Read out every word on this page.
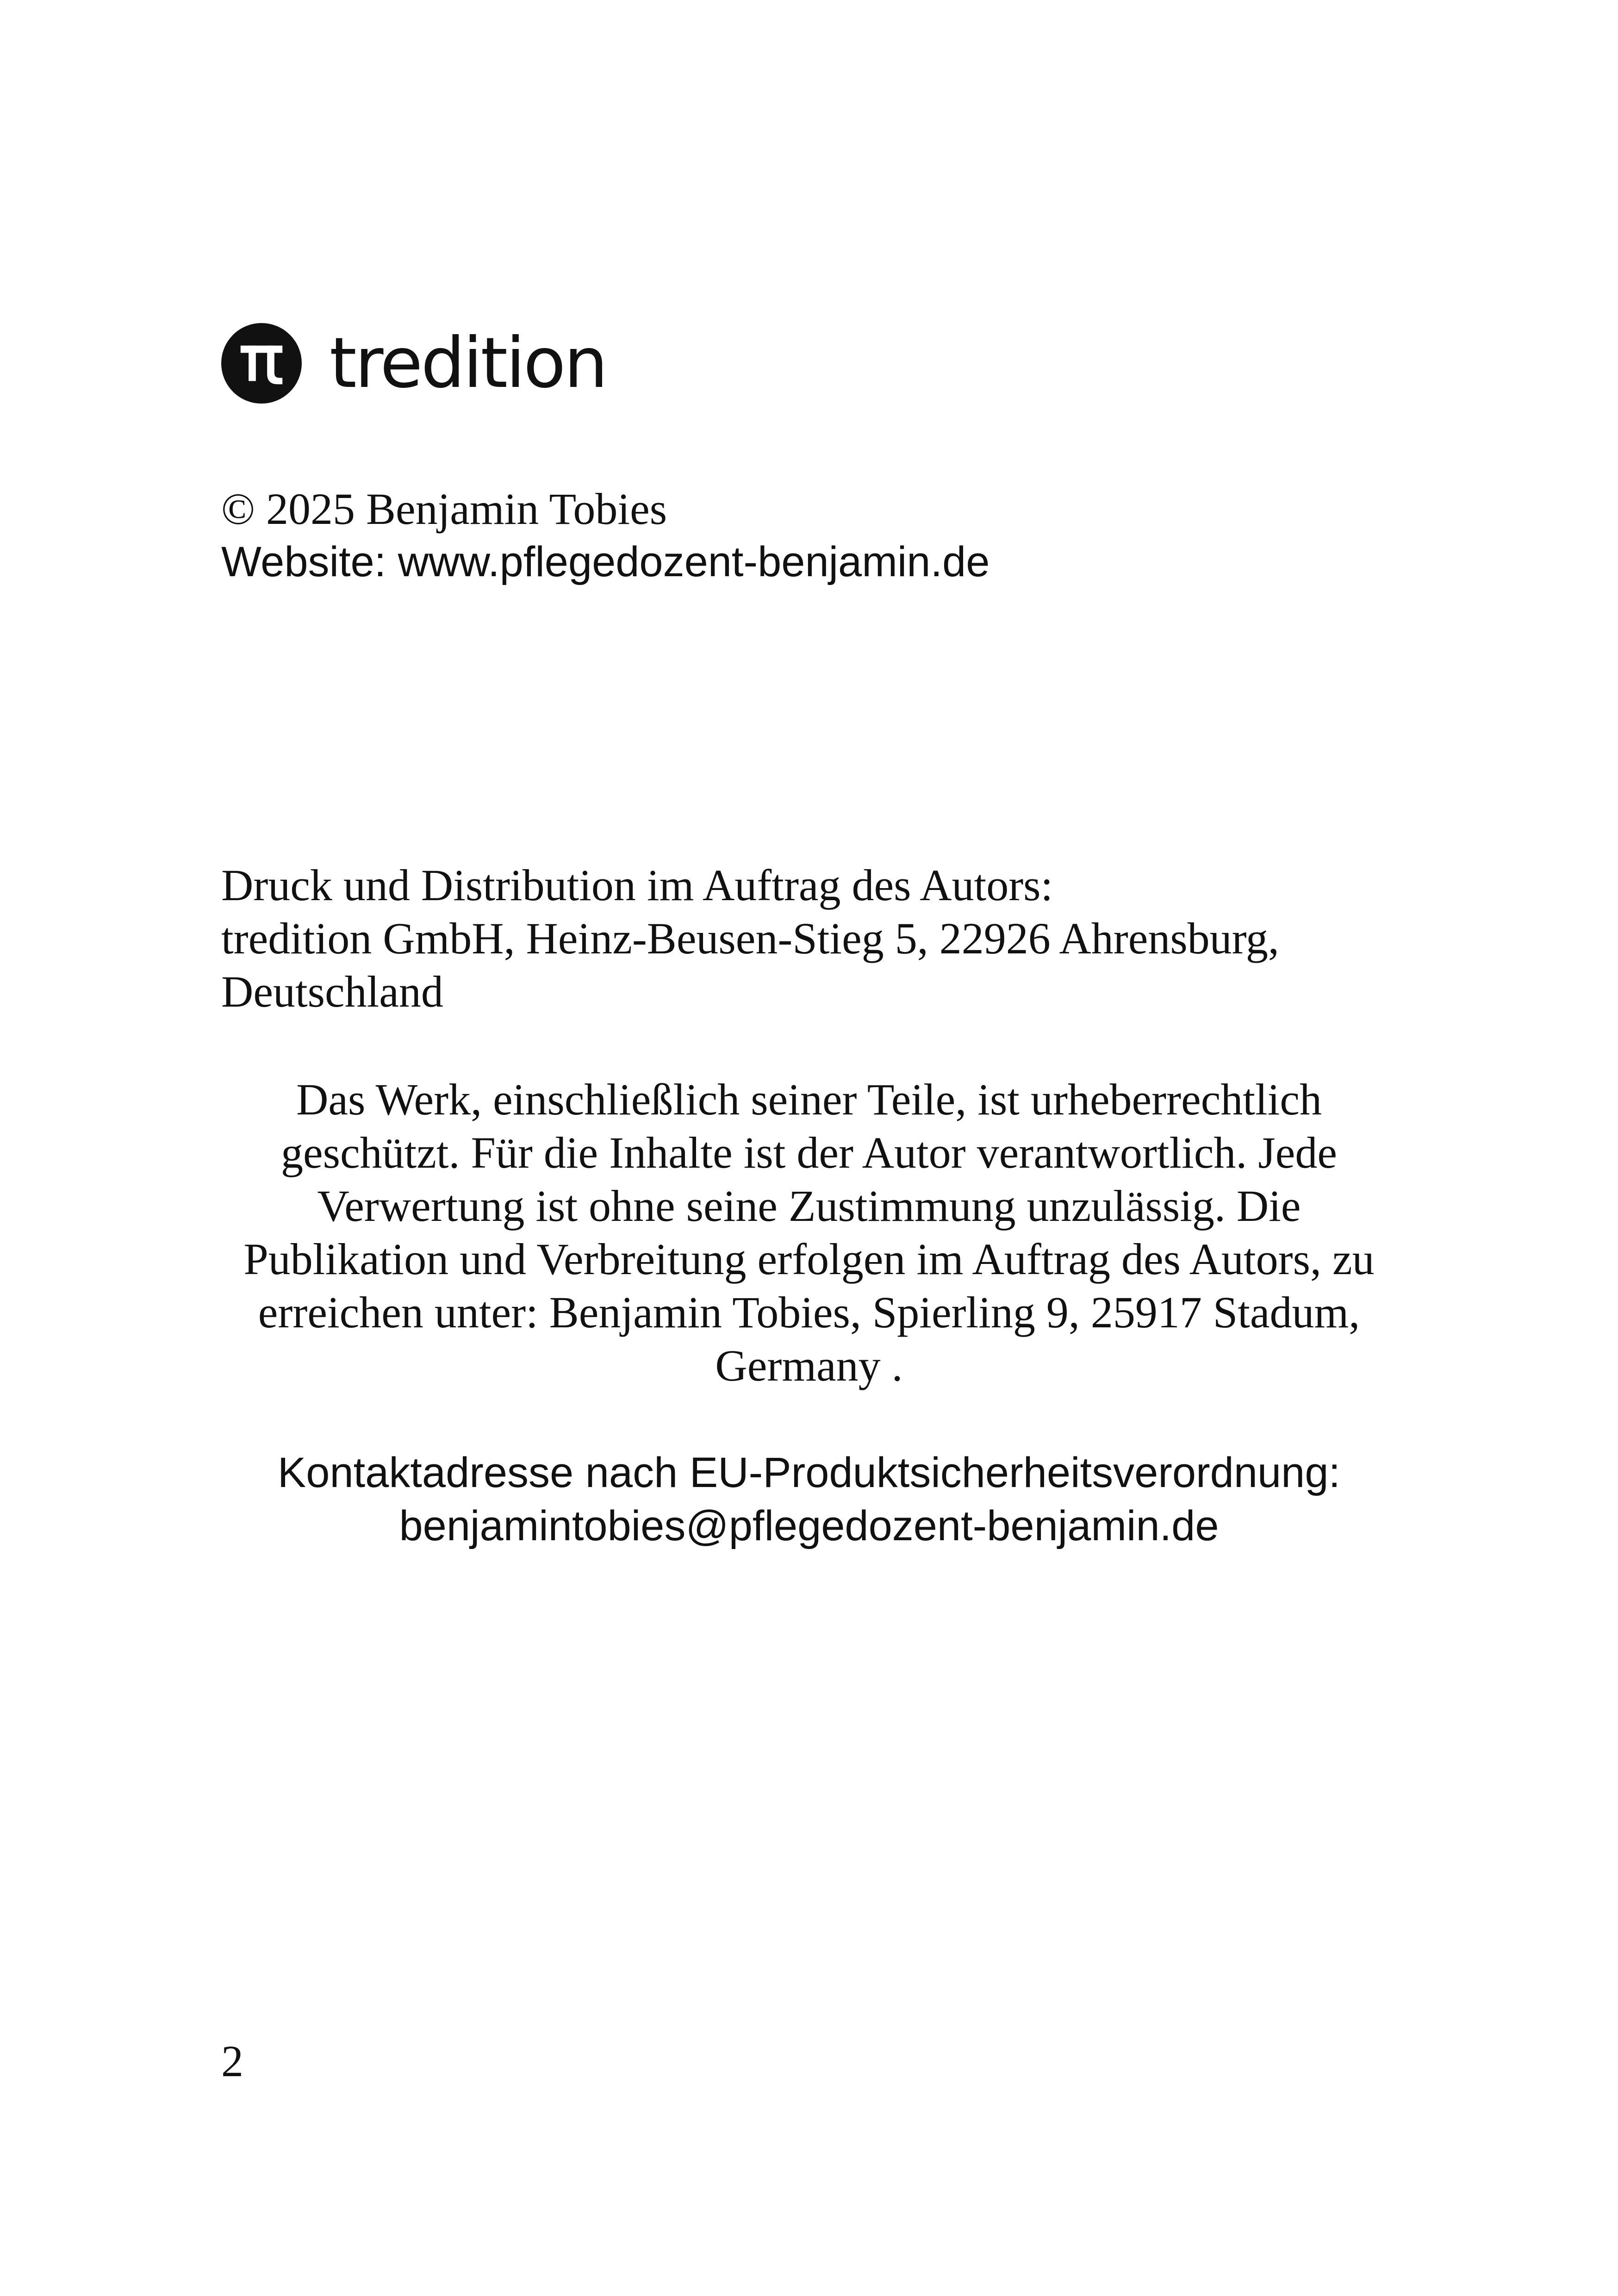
tredition
© 2025 Benjamin Tobies
Website: www.pflegedozent-benjamin.de
Druck und Distribution im Auftrag des Autors:
tredition GmbH, Heinz-Beusen-Stieg 5, 22926 Ahrensburg,
Deutschland
Das Werk, einschließlich seiner Teile, ist urheberrechtlich
geschützt. Für die Inhalte ist der Autor verantwortlich. Jede
Verwertung ist ohne seine Zustimmung unzulässig. Die
Publikation und Verbreitung erfolgen im Auftrag des Autors, zu
erreichen unter: Benjamin Tobies, Spierling 9, 25917 Stadum,
Germany .
Kontaktadresse nach EU-Produktsicherheitsverordnung:
benjamintobies@pflegedozent-benjamin.de
2
